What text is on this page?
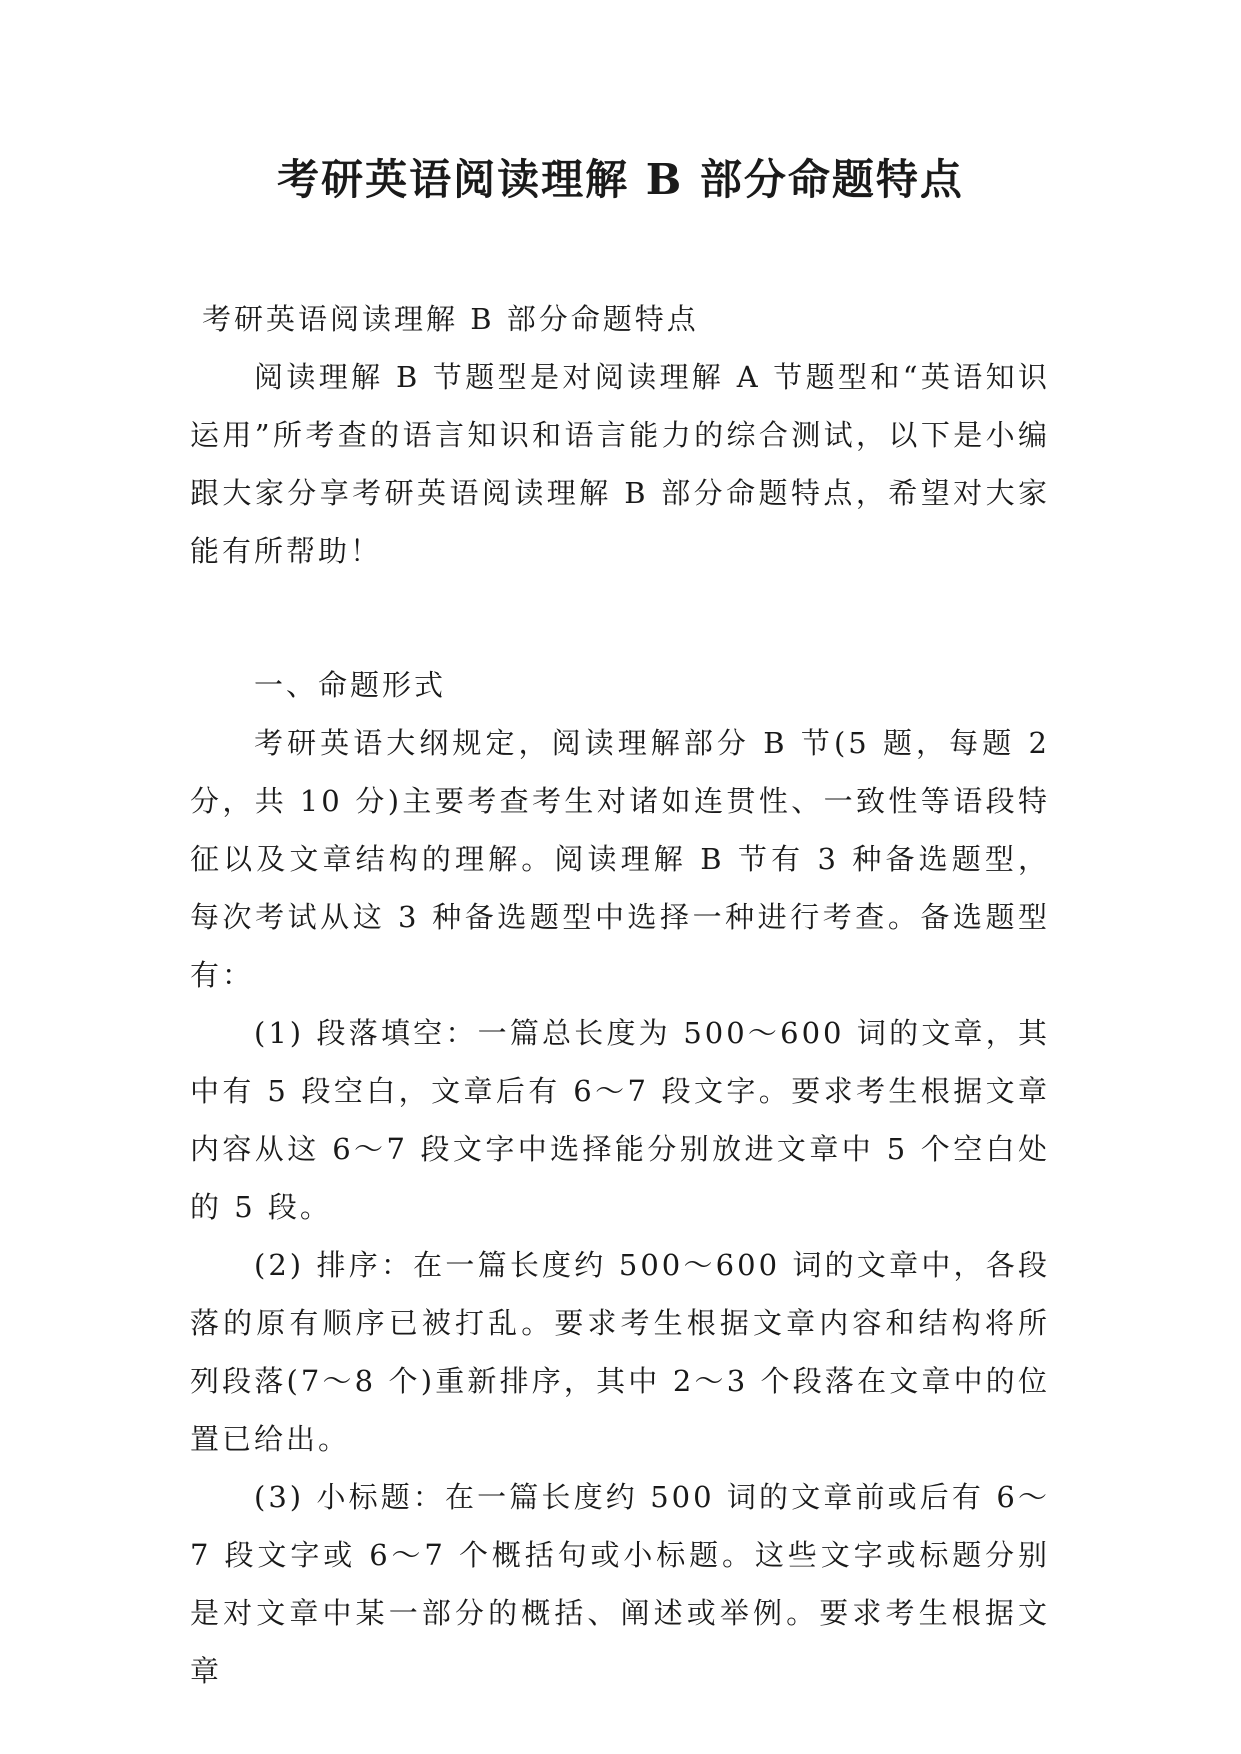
考研英语阅读理解 B 部分命题特点

考研英语阅读理解 B 部分命题特点

阅读理解 B 节题型是对阅读理解 A 节题型和“英语知识运用”所考查的语言知识和语言能力的综合测试，以下是小编跟大家分享考研英语阅读理解 B 部分命题特点，希望对大家能有所帮助！

一、命题形式

考研英语大纲规定，阅读理解部分 B 节(5 题，每题 2 分，共 10 分)主要考查考生对诸如连贯性、一致性等语段特征以及文章结构的理解。阅读理解 B 节有 3 种备选题型，每次考试从这 3 种备选题型中选择一种进行考查。备选题型有：

(1) 段落填空：一篇总长度为 500～600 词的文章，其中有 5 段空白，文章后有 6～7 段文字。要求考生根据文章内容从这 6～7 段文字中选择能分别放进文章中 5 个空白处的 5 段。

(2) 排序：在一篇长度约 500～600 词的文章中，各段落的原有顺序已被打乱。要求考生根据文章内容和结构将所列段落(7～8 个)重新排序，其中 2～3 个段落在文章中的位置已给出。

(3) 小标题：在一篇长度约 500 词的文章前或后有 6～7 段文字或 6～7 个概括句或小标题。这些文字或标题分别是对文章中某一部分的概括、阐述或举例。要求考生根据文章
